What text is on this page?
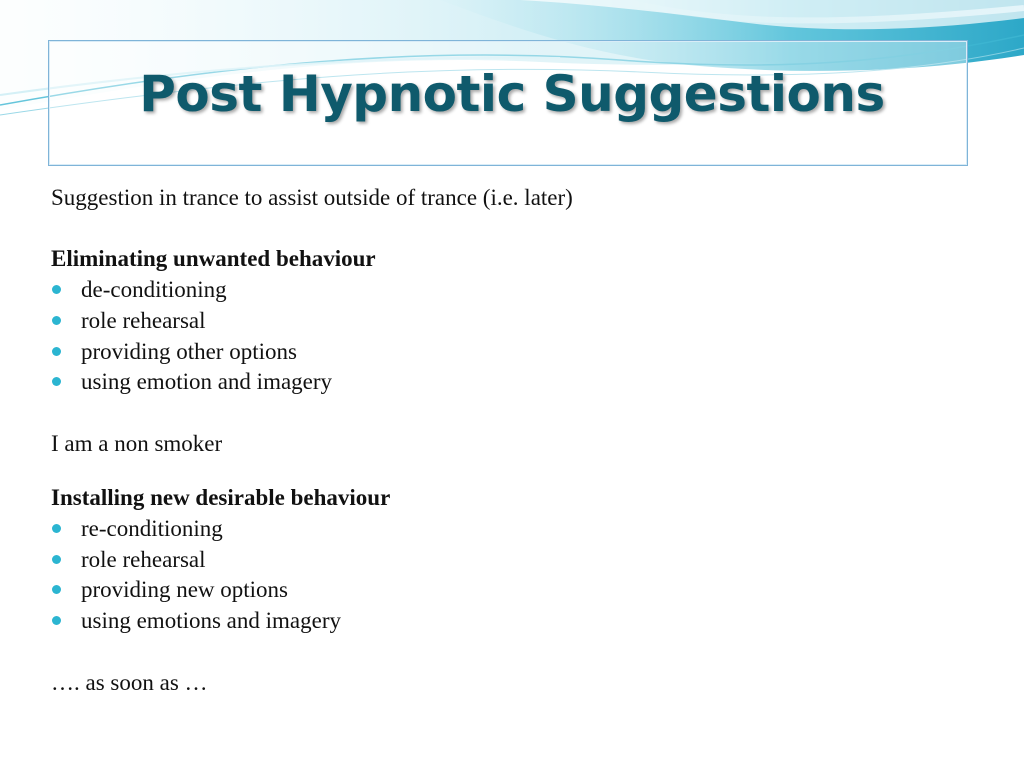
Post Hypnotic Suggestions

Suggestion in trance to assist outside of trance (i.e. later)

Eliminating unwanted behaviour

de-conditioning
role rehearsal
providing other options
using emotion and imagery

I am a non smoker

Installing new desirable behaviour

re-conditioning
role rehearsal
providing new options
using emotions and imagery

…. as soon as …
